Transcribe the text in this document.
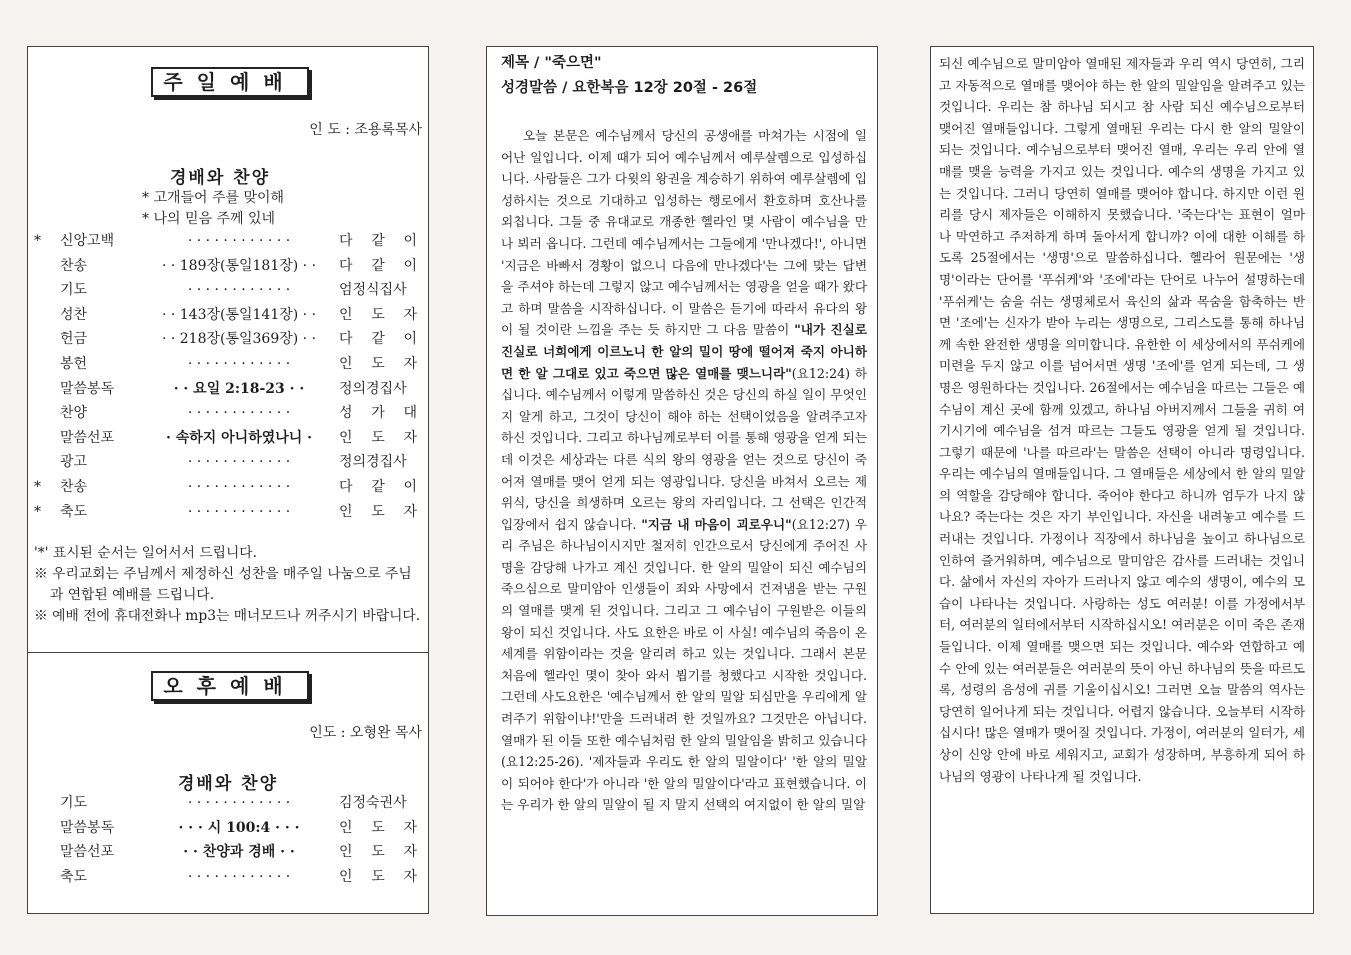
주일예배
인 도 : 조용록목사
경배와 찬양
* 고개들어 주를 맞이해
* 나의 믿음 주께 있네
*	신앙고백	· · · · · · · · · · · ·	다 같 이
찬송	· · 189장(통일181장) · ·	다 같 이
기도	· · · · · · · · · · · ·	엄정식집사
성찬	· · 143장(통일141장) · ·	인 도 자
헌금	· · 218장(통일369장) · ·	다 같 이
봉헌	· · · · · · · · · · · ·	인 도 자
말씀봉독	· · 요일 2:18-23 · ·	정의경집사
찬양	· · · · · · · · · · · ·	성 가 대
말씀선포	· 속하지 아니하였나니 ·	인 도 자
광고	· · · · · · · · · · · ·	정의경집사
*	찬송	· · · · · · · · · · · ·	다 같 이
*	축도	· · · · · · · · · · · ·	인 도 자

'*' 표시된 순서는 일어서서 드립니다.

※ 우리교회는 주님께서 제정하신 성찬을 매주일 나눔으로 주님과 연합된 예배를 드립니다.

※ 예배 전에 휴대전화나 mp3는 매너모드나 꺼주시기 바랍니다.

오후예배
인도 : 오형완 목사
경배와 찬양
기도	· · · · · · · · · · · ·	김정숙권사
말씀봉독	· · · 시 100:4 · · ·	인 도 자
말씀선포	· · 찬양과 경배 · ·	인 도 자
축도	· · · · · · · · · · · ·	인 도 자
제목 / "죽으면"
성경말씀 / 요한복음 12장 20절 - 26절

오늘 본문은 예수님께서 당신의 공생애를 마쳐가는 시점에 일어난 일입니다. 이제 때가 되어 예수님께서 예루살렘으로 입성하십니다. 사람들은 그가 다윗의 왕권을 계승하기 위하여 예루살렘에 입성하시는 것으로 기대하고 입성하는 행로에서 환호하며 호산나를 외칩니다. 그들 중 유대교로 개종한 헬라인 몇 사람이 예수님을 만나 뵈러 옵니다. 그런데 예수님께서는 그들에게 '만나겠다!', 아니면 '지금은 바빠서 경황이 없으니 다음에 만나겠다'는 그에 맞는 답변을 주셔야 하는데 그렇지 않고 예수님께서는 영광을 얻을 때가 왔다고 하며 말씀을 시작하십니다. 이 말씀은 듣기에 따라서 유다의 왕이 될 것이란 느낌을 주는 듯 하지만 그 다음 말씀이 "내가 진실로 진실로 너희에게 이르노니 한 알의 밀이 땅에 떨어져 죽지 아니하면 한 알 그대로 있고 죽으면 많은 열매를 맺느니라"(요12:24) 하십니다. 예수님께서 이렇게 말씀하신 것은 당신의 하실 일이 무엇인지 알게 하고, 그것이 당신이 해야 하는 선택이었음을 알려주고자 하신 것입니다. 그리고 하나님께로부터 이를 통해 영광을 얻게 되는데 이것은 세상과는 다른 식의 왕의 영광을 얻는 것으로 당신이 죽어져 열매를 맺어 얻게 되는 영광입니다. 당신을 바쳐서 오르는 제위식, 당신을 희생하며 오르는 왕의 자리입니다. 그 선택은 인간적 입장에서 쉽지 않습니다. "지금 내 마음이 괴로우니"(요12:27) 우리 주님은 하나님이시지만 철저히 인간으로서 당신에게 주어진 사명을 감당해 나가고 계신 것입니다. 한 알의 밀알이 되신 예수님의 죽으심으로 말미암아 인생들이 죄와 사망에서 건져냄을 받는 구원의 열매를 맺게 된 것입니다. 그리고 그 예수님이 구원받은 이들의 왕이 되신 것입니다. 사도 요한은 바로 이 사실! 예수님의 죽음이 온 세계를 위함이라는 것을 알리려 하고 있는 것입니다. 그래서 본문 처음에 헬라인 몇이 찾아 와서 뵙기를 청했다고 시작한 것입니다. 그런데 사도요한은 '예수님께서 한 알의 밀알 되심만을 우리에게 알려주기 위함이냐!'만을 드러내려 한 것일까요? 그것만은 아닙니다. 열매가 된 이들 또한 예수님처럼 한 알의 밀알임을 밝히고 있습니다(요12:25-26). '제자들과 우리도 한 알의 밀알이다' '한 알의 밀알이 되어야 한다'가 아니라 '한 알의 밀알이다'라고 표현했습니다. 이는 우리가 한 알의 밀알이 될 지 말지 선택의 여지없이 한 알의 밀알

되신 예수님으로 말미암아 열매된 제자들과 우리 역시 당연히, 그리고 자동적으로 열매를 맺어야 하는 한 알의 밀알임을 알려주고 있는 것입니다. 우리는 참 하나님 되시고 참 사람 되신 예수님으로부터 맺어진 열매들입니다. 그렇게 열매된 우리는 다시 한 알의 밀알이 되는 것입니다. 예수님으로부터 맺어진 열매, 우리는 우리 안에 열매를 맺을 능력을 가지고 있는 것입니다. 예수의 생명을 가지고 있는 것입니다. 그러니 당연히 열매를 맺어야 합니다. 하지만 이런 원리를 당시 제자들은 이해하지 못했습니다. '죽는다'는 표현이 얼마나 막연하고 주저하게 하며 돌아서게 합니까? 이에 대한 이해를 하도록 25절에서는 '생명'으로 말씀하십니다. 헬라어 원문에는 '생명'이라는 단어를 '푸쉬케'와 '조에'라는 단어로 나누어 설명하는데 '푸쉬케'는 숨을 쉬는 생명체로서 육신의 삶과 목숨을 함축하는 반면 '조에'는 신자가 받아 누리는 생명으로, 그리스도를 통해 하나님께 속한 완전한 생명을 의미합니다. 유한한 이 세상에서의 푸쉬케에 미련을 두지 않고 이를 넘어서면 생명 '조에'를 얻게 되는데, 그 생명은 영원하다는 것입니다. 26절에서는 예수님을 따르는 그들은 예수님이 계신 곳에 함께 있겠고, 하나님 아버지께서 그들을 귀히 여기시기에 예수님을 섬겨 따르는 그들도 영광을 얻게 될 것입니다. 그렇기 때문에 '나를 따르라'는 말씀은 선택이 아니라 명령입니다. 우리는 예수님의 열매들입니다. 그 열매들은 세상에서 한 알의 밀알의 역할을 감당해야 합니다. 죽어야 한다고 하니까 엄두가 나지 않나요? 죽는다는 것은 자기 부인입니다. 자신을 내려놓고 예수를 드러내는 것입니다. 가정이나 직장에서 하나님을 높이고 하나님으로 인하여 즐거워하며, 예수님으로 말미암은 감사를 드러내는 것입니다. 삶에서 자신의 자아가 드러나지 않고 예수의 생명이, 예수의 모습이 나타나는 것입니다. 사랑하는 성도 여러분! 이를 가정에서부터, 여러분의 일터에서부터 시작하십시오! 여러분은 이미 죽은 존재들입니다. 이제 열매를 맺으면 되는 것입니다. 예수와 연합하고 예수 안에 있는 여러분들은 여러분의 뜻이 아닌 하나님의 뜻을 따르도록, 성령의 음성에 귀를 기울이십시오! 그러면 오늘 말씀의 역사는 당연히 일어나게 되는 것입니다. 어렵지 않습니다. 오늘부터 시작하십시다! 많은 열매가 맺어질 것입니다. 가정이, 여러분의 일터가, 세상이 신앙 안에 바로 세워지고, 교회가 성장하며, 부흥하게 되어 하나님의 영광이 나타나게 될 것입니다.
